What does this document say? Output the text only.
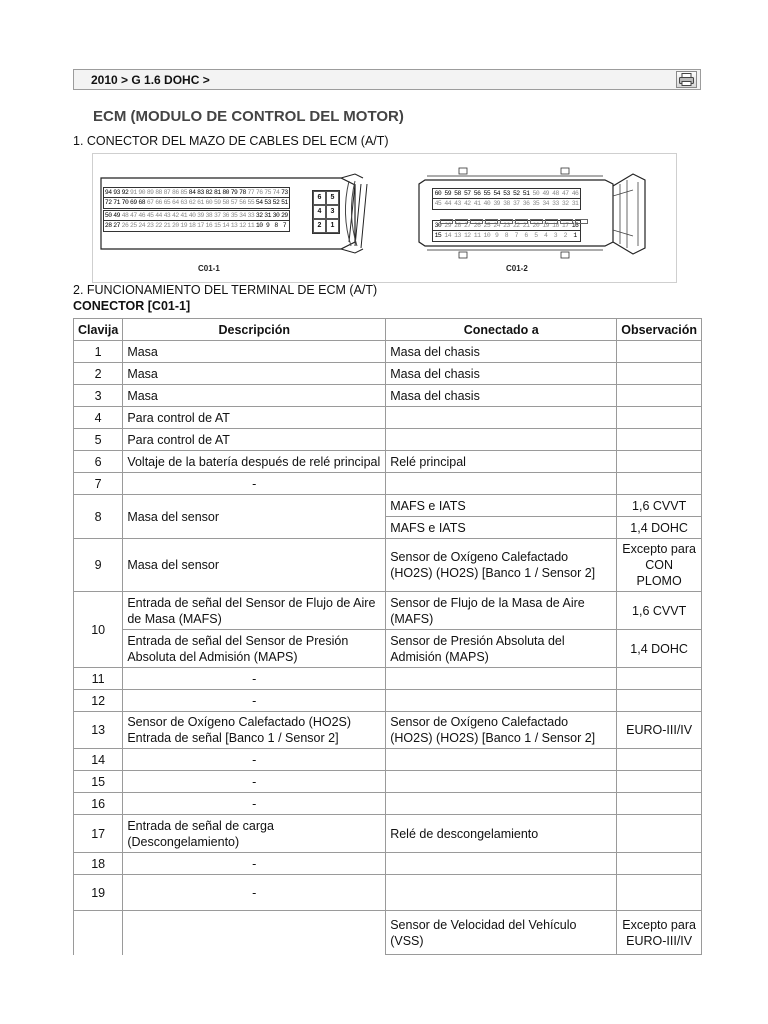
2010 > G 1.6 DOHC >
ECM (MODULO DE CONTROL DEL MOTOR)
1. CONECTOR DEL MAZO DE CABLES DEL ECM (A/T)
C01-1	C01-2
2. FUNCIONAMIENTO DEL TERMINAL DE ECM (A/T)
CONECTOR [C01-1]
Clavija	Descripción	Conectado a	Observación
1	Masa	Masa del chasis	
2	Masa	Masa del chasis	
3	Masa	Masa del chasis	
4	Para control de AT		
5	Para control de AT		
6	Voltaje de la batería después de relé principal	Relé principal	
7	-		
8	Masa del sensor	MAFS e IATS	1,6 CVVT
		MAFS e IATS	1,4 DOHC
9	Masa del sensor	Sensor de Oxígeno Calefactado (HO2S) (HO2S) [Banco 1 / Sensor 2]	Excepto para CON PLOMO
10	Entrada de señal del Sensor de Flujo de Aire de Masa (MAFS)	Sensor de Flujo de la Masa de Aire (MAFS)	1,6 CVVT
	Entrada de señal del Sensor de Presión Absoluta del Admisión (MAPS)	Sensor de Presión Absoluta del Admisión (MAPS)	1,4 DOHC
11	-		
12	-		
13	Sensor de Oxígeno Calefactado (HO2S) Entrada de señal [Banco 1 / Sensor 2]	Sensor de Oxígeno Calefactado (HO2S) (HO2S) [Banco 1 / Sensor 2]	EURO-III/IV
14	-		
15	-		
16	-		
17	Entrada de señal de carga (Descongelamiento)	Relé de descongelamiento	
18	-		
19	-		
		Sensor de Velocidad del Vehículo (VSS)	Excepto para EURO-III/IV
94 93 92 91 90 89 88 87 86 85 84 83 82 81 80 79 78 77 76 75 74 73
72 71 70 69 68 67 66 65 64 63 62 61 60 59 58 57 56 55 54 53 52 51
50 49 48 47 46 45 44 43 42 41 40 39 38 37 36 35 34 33 32 31 30 29
28 27 26 25 24 23 22 21 20 19 18 17 16 15 14 13 12 11 10 9 8 7
6	5
4	3
2	1
60 59 58 57 56 55 54 53 52 51 50 49 48 47 46
45 44 43 42 41 40 39 38 37 36 35 34 33 32 31
30 29 28 27 26 25 24 23 22 21 20 19 18 17 16
15 14 13 12 11 10 9	8	7	6	5	4	3	2	1
